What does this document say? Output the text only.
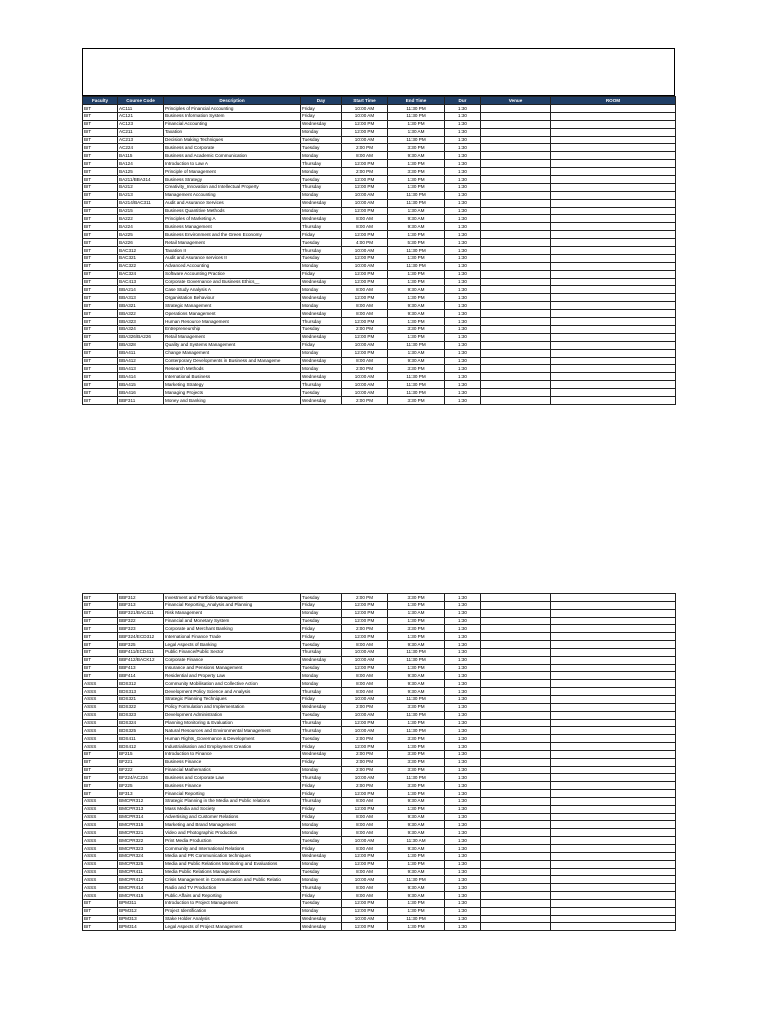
Faculty	Course Code	Description	Day	Start Time	End Time	Dur	Venue	ROOM
BIT	AC111	Principles of Financial Accounting	Friday	10:00 AM	11:30 PM	1:30		
BIT	AC121	Business Information System	Friday	10:00 AM	11:30 PM	1:30		
BIT	AC123	Financial Accounting	Wednesday	12:00 PM	1:30 PM	1:30		
BIT	AC211	Taxation	Monday	12:00 PM	1:30 AM	1:30		
BIT	AC213	Decision Making Techniques	Tuesday	10:00 AM	11:30 PM	1:30		
BIT	AC224	Business and Corporate	Tuesday	2:00 PM	3:30 PM	1:30		
BIT	BA115	Business and Academic Communication	Monday	8:00 AM	9:30 AM	1:30		
BIT	BA124	Introduction to Law A	Thursday	12:00 PM	1:30 PM	1:30		
BIT	BA125	Principle of Management	Monday	2:00 PM	3:30 PM	1:30		
BIT	BA211/BBA314	Business Strategy	Tuesday	12:00 PM	1:30 PM	1:30		
BIT	BA212	Creativity_Innovation and Intellectual Property	Thursday	12:00 PM	1:30 PM	1:30		
BIT	BA213	Management Accounting	Monday	10:00 AM	11:30 PM	1:30		
BIT	BA214/BAC311	Audit and Asurance Services	Wednesday	10:00 AM	11:30 PM	1:30		
BIT	BA215	Business Quantitive Methods	Monday	12:00 PM	1:30 AM	1:30		
BIT	BA222	Principles of Marketing A	Wednesday	8:00 AM	9:30 AM	1:30		
BIT	BA224	Business Management	Thursday	8:00 AM	9:30 AM	1:30		
BIT	BA225	Business Environment and the Green Economy	Friday	12:00 PM	1:30 PM	1:30		
BIT	BA226	Retail Management	Tuesday	4:00 PM	5:30 PM	1:30		
BIT	BAC312	Taxation II	Thursday	10:00 AM	11:30 PM	1:30		
BIT	BAC321	Audit and Asurance services II	Tuesday	12:00 PM	1:30 PM	1:30		
BIT	BAC322	Advanced Accounting	Monday	10:00 AM	11:30 PM	1:30		
BIT	BAC324	Software Accounting Practice	Friday	12:00 PM	1:30 PM	1:30		
BIT	BAC413	Corporate Governance and Business Ethics__	Wednesday	12:00 PM	1:30 PM	1:30		
BIT	BBA214	Case Study Analysis A	Monday	8:00 AM	9:30 AM	1:30		
BIT	BBA313	Organistation Behaviour	Wednesday	12:00 PM	1:30 PM	1:30		
BIT	BBA321	Strategic Management	Monday	8:00 AM	9:30 AM	1:30		
BIT	BBA322	Operations Management	Wednesday	8:00 AM	9:30 AM	1:30		
BIT	BBA323	Human Resource Management	Thursday	12:00 PM	1:30 PM	1:30		
BIT	BBA324	Entrepreneurship	Tuesday	2:00 PM	3:30 PM	1:30		
BIT	BBA326/BA226	Retail Management	Wednesday	12:00 PM	1:30 PM	1:30		
BIT	BBA328	Quality and Systems Management	Friday	10:00 AM	11:30 PM	1:30		
BIT	BBA411	Change Management	Monday	12:00 PM	1:30 AM	1:30		
BIT	BBA412	Conterporary Developments in Business and Manageme	Wednesday	8:00 AM	9:30 AM	1:30		
BIT	BBA413	Research Methods	Monday	2:00 PM	3:30 PM	1:30		
BIT	BBA414	International Business	Wednesday	10:00 AM	11:30 PM	1:30		
BIT	BBA415	Marketing Strategy	Thursday	10:00 AM	11:30 PM	1:30		
BIT	BBA416	Managing Projects	Tuesday	10:00 AM	11:30 PM	1:30		
BIT	BBF311	Money and Banking	Wednesday	2:00 PM	3:30 PM	1:30		
BIT	BBF312	Investment and Portfolio Management	Tuesday	2:00 PM	3:30 PM	1:30		
BIT	BBF313	Financial Reporting_Analysis and Planning	Friday	12:00 PM	1:30 PM	1:30		
BIT	BBF321/BAC411	Risk Management	Monday	12:00 PM	1:30 AM	1:30		
BIT	BBF322	Financial and Monetary System	Tuesday	12:00 PM	1:30 PM	1:30		
BIT	BBF323	Corporate and Merchant Banking	Friday	2:00 PM	3:30 PM	1:30		
BIT	BBF324/ECD312	International Finance Trade	Friday	12:00 PM	1:30 PM	1:30		
BIT	BBF325	Legal Aspects of Banking	Tuesday	8:00 AM	9:30 AM	1:30		
BIT	BBF411/ECD411	Public Finance/Public Sector	Thursday	10:00 AM	11:30 PM	1:30		
BIT	BBF412/BACK12	Corporate Finance	Wednesday	10:00 AM	11:30 PM	1:30		
BIT	BBF413	Insurance and Pensions Management	Tuesday	12:00 PM	1:30 PM	1:30		
BIT	BBF414	Residential and Property Law	Monday	8:00 AM	9:30 AM	1:30		
ASSS	BDS312	Community Mobilisation and Collective Action	Monday	8:00 AM	9:30 AM	1:30		
ASSS	BDS313	Development Policy Science and Analysis	Thursday	8:00 AM	9:30 AM	1:30		
ASSS	BDS321	Strategic Planning Techniques	Friday	10:00 AM	11:30 PM	1:30		
ASSS	BDS322	Policy Formulation and Implementation	Wednesday	2:00 PM	3:30 PM	1:30		
ASSS	BDS323	Development Administration	Tuesday	10:00 AM	11:30 PM	1:30		
ASSS	BDS324	Planning Monitoring & Evaluation	Thursday	12:00 PM	1:30 PM	1:30		
ASSS	BDS325	Natural Resources and Environmental Management	Thursday	10:00 AM	11:30 PM	1:30		
ASSS	BDS411	Human Rights_Governance & Development	Tuesday	2:00 PM	3:30 PM	1:30		
ASSS	BDS412	Industrialisation and Employment Creation	Friday	12:00 PM	1:30 PM	1:30		
BIT	BF215	Introduction to Finance	Wednesday	2:00 PM	3:30 PM	1:30		
BIT	BF221	Business Finance	Friday	2:00 PM	3:30 PM	1:30		
BIT	BF222	Financial Mathematics	Monday	2:00 PM	3:30 PM	1:30		
BIT	BF224/AC224	Business and Corporate Law	Thursday	10:00 AM	11:30 PM	1:30		
BIT	BF225	Business Finance	Friday	2:00 PM	3:30 PM	1:30		
BIT	BF313	Financial Reporting	Friday	12:00 PM	1:30 PM	1:30		
ASSS	BMCPR312	Strategic Planning in the Media and Public relations	Thursday	8:00 AM	9:30 AM	1:30		
ASSS	BMCPR313	Mass Media and Society	Friday	12:00 PM	1:30 PM	1:30		
ASSS	BMCPR314	Advertising and Customer Relations	Friday	8:00 AM	9:30 AM	1:30		
ASSS	BMCPR315	Marketing and Brand Management	Monday	8:00 AM	9:30 AM	1:30		
ASSS	BMCPR321	Video and Photographic Production	Monday	8:00 AM	9:30 AM	1:30		
ASSS	BMCPR322	Print Media Production	Tuesday	10:00 AM	11:30 AM	1:30		
ASSS	BMCPR323	Community and International Relations	Friday	8:00 AM	9:30 AM	1:30		
ASSS	BMCPR324	Media and PR Communication techniques	Wednesday	12:00 PM	1:30 PM	1:30		
ASSS	BMCPR325	Media and Public Relations Monitoring and Evaluations	Monday	12:00 PM	1:30 PM	1:30		
ASSS	BMCPR411	Media Public Relations Management	Tuesday	8:00 AM	9:30 AM	1:30		
ASSS	BMCPR412	Crisis Management in Communication and Public Relatio	Monday	10:00 AM	11:30 PM	1:30		
ASSS	BMCPR414	Radio and TV Production	Thursday	8:00 AM	9:30 AM	1:30		
ASSS	BMCPR415	Public Affairs and Reporting	Friday	8:00 AM	9:30 AM	1:30		
BIT	BPM311	Introduction to Project Management	Tuesday	12:00 PM	1:30 PM	1:30		
BIT	BPM312	Project Identification	Monday	12:00 PM	1:30 PM	1:30		
BIT	BPM313	Stake Holder Analysis	Wednesday	10:00 AM	11:30 PM	1:30		
BIT	BPM314	Legal Aspects of Project Management	Wednesday	12:00 PM	1:30 PM	1:30		
